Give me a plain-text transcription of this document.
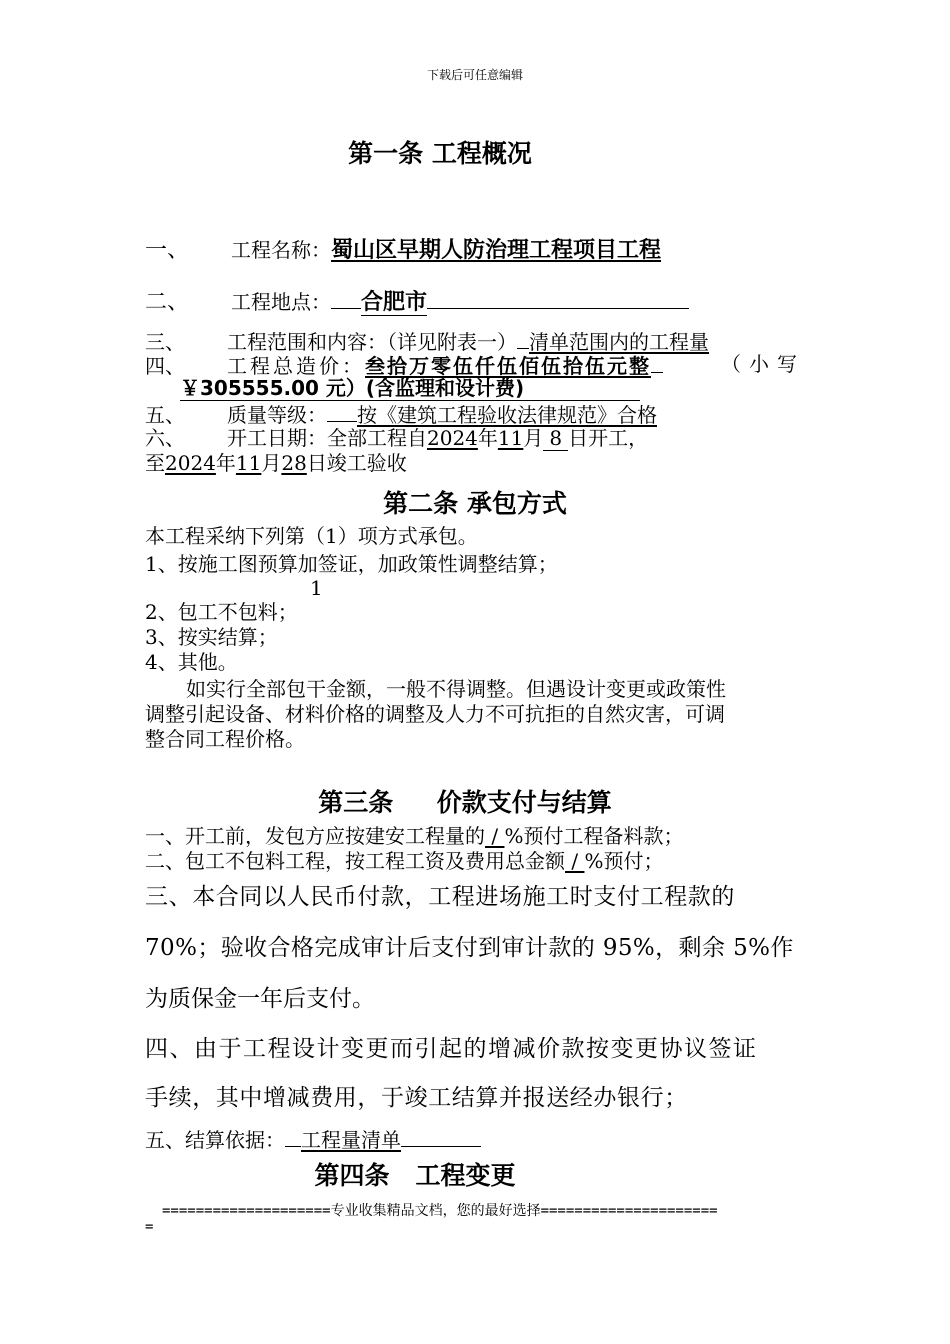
下载后可任意编辑
第一条 工程概况
一、 工程名称：蜀山区早期人防治理工程项目工程
二、 工程地点： 合肥市
三、 工程范围和内容：（详见附表一） 清单范围内的工程量
四、 工程总造价：叁拾万零伍仟伍佰伍拾伍元整	（小写
￥305555.00 元）(含监理和设计费)
五、 质量等级： 按《建筑工程验收法律规范》合格
六、 开工日期：全部工程自2024年11月 8 日开工，
至2024年11月28日竣工验收
第二条 承包方式
本工程采纳下列第（1）项方式承包。
1、按施工图预算加签证，加政策性调整结算；
1
2、包工不包料；
3、按实结算；
4、其他。
如实行全部包干金额，一般不得调整。但遇设计变更或政策性
调整引起设备、材料价格的调整及人力不可抗拒的自然灾害，可调
整合同工程价格。
第三条     价款支付与结算
一、开工前，发包方应按建安工程量的 / %预付工程备料款；
二、包工不包料工程，按工程工资及费用总金额 / %预付；
三、本合同以人民币付款，工程进场施工时支付工程款的
70%；验收合格完成审计后支付到审计款的 95%，剩余 5%作
为质保金一年后支付。
四、由于工程设计变更而引起的增减价款按变更协议签证
手续，其中增减费用，于竣工结算并报送经办银行；
五、结算依据： 工程量清单
第四条   工程变更
====================专业收集精品文档，您的最好选择=====================
=
